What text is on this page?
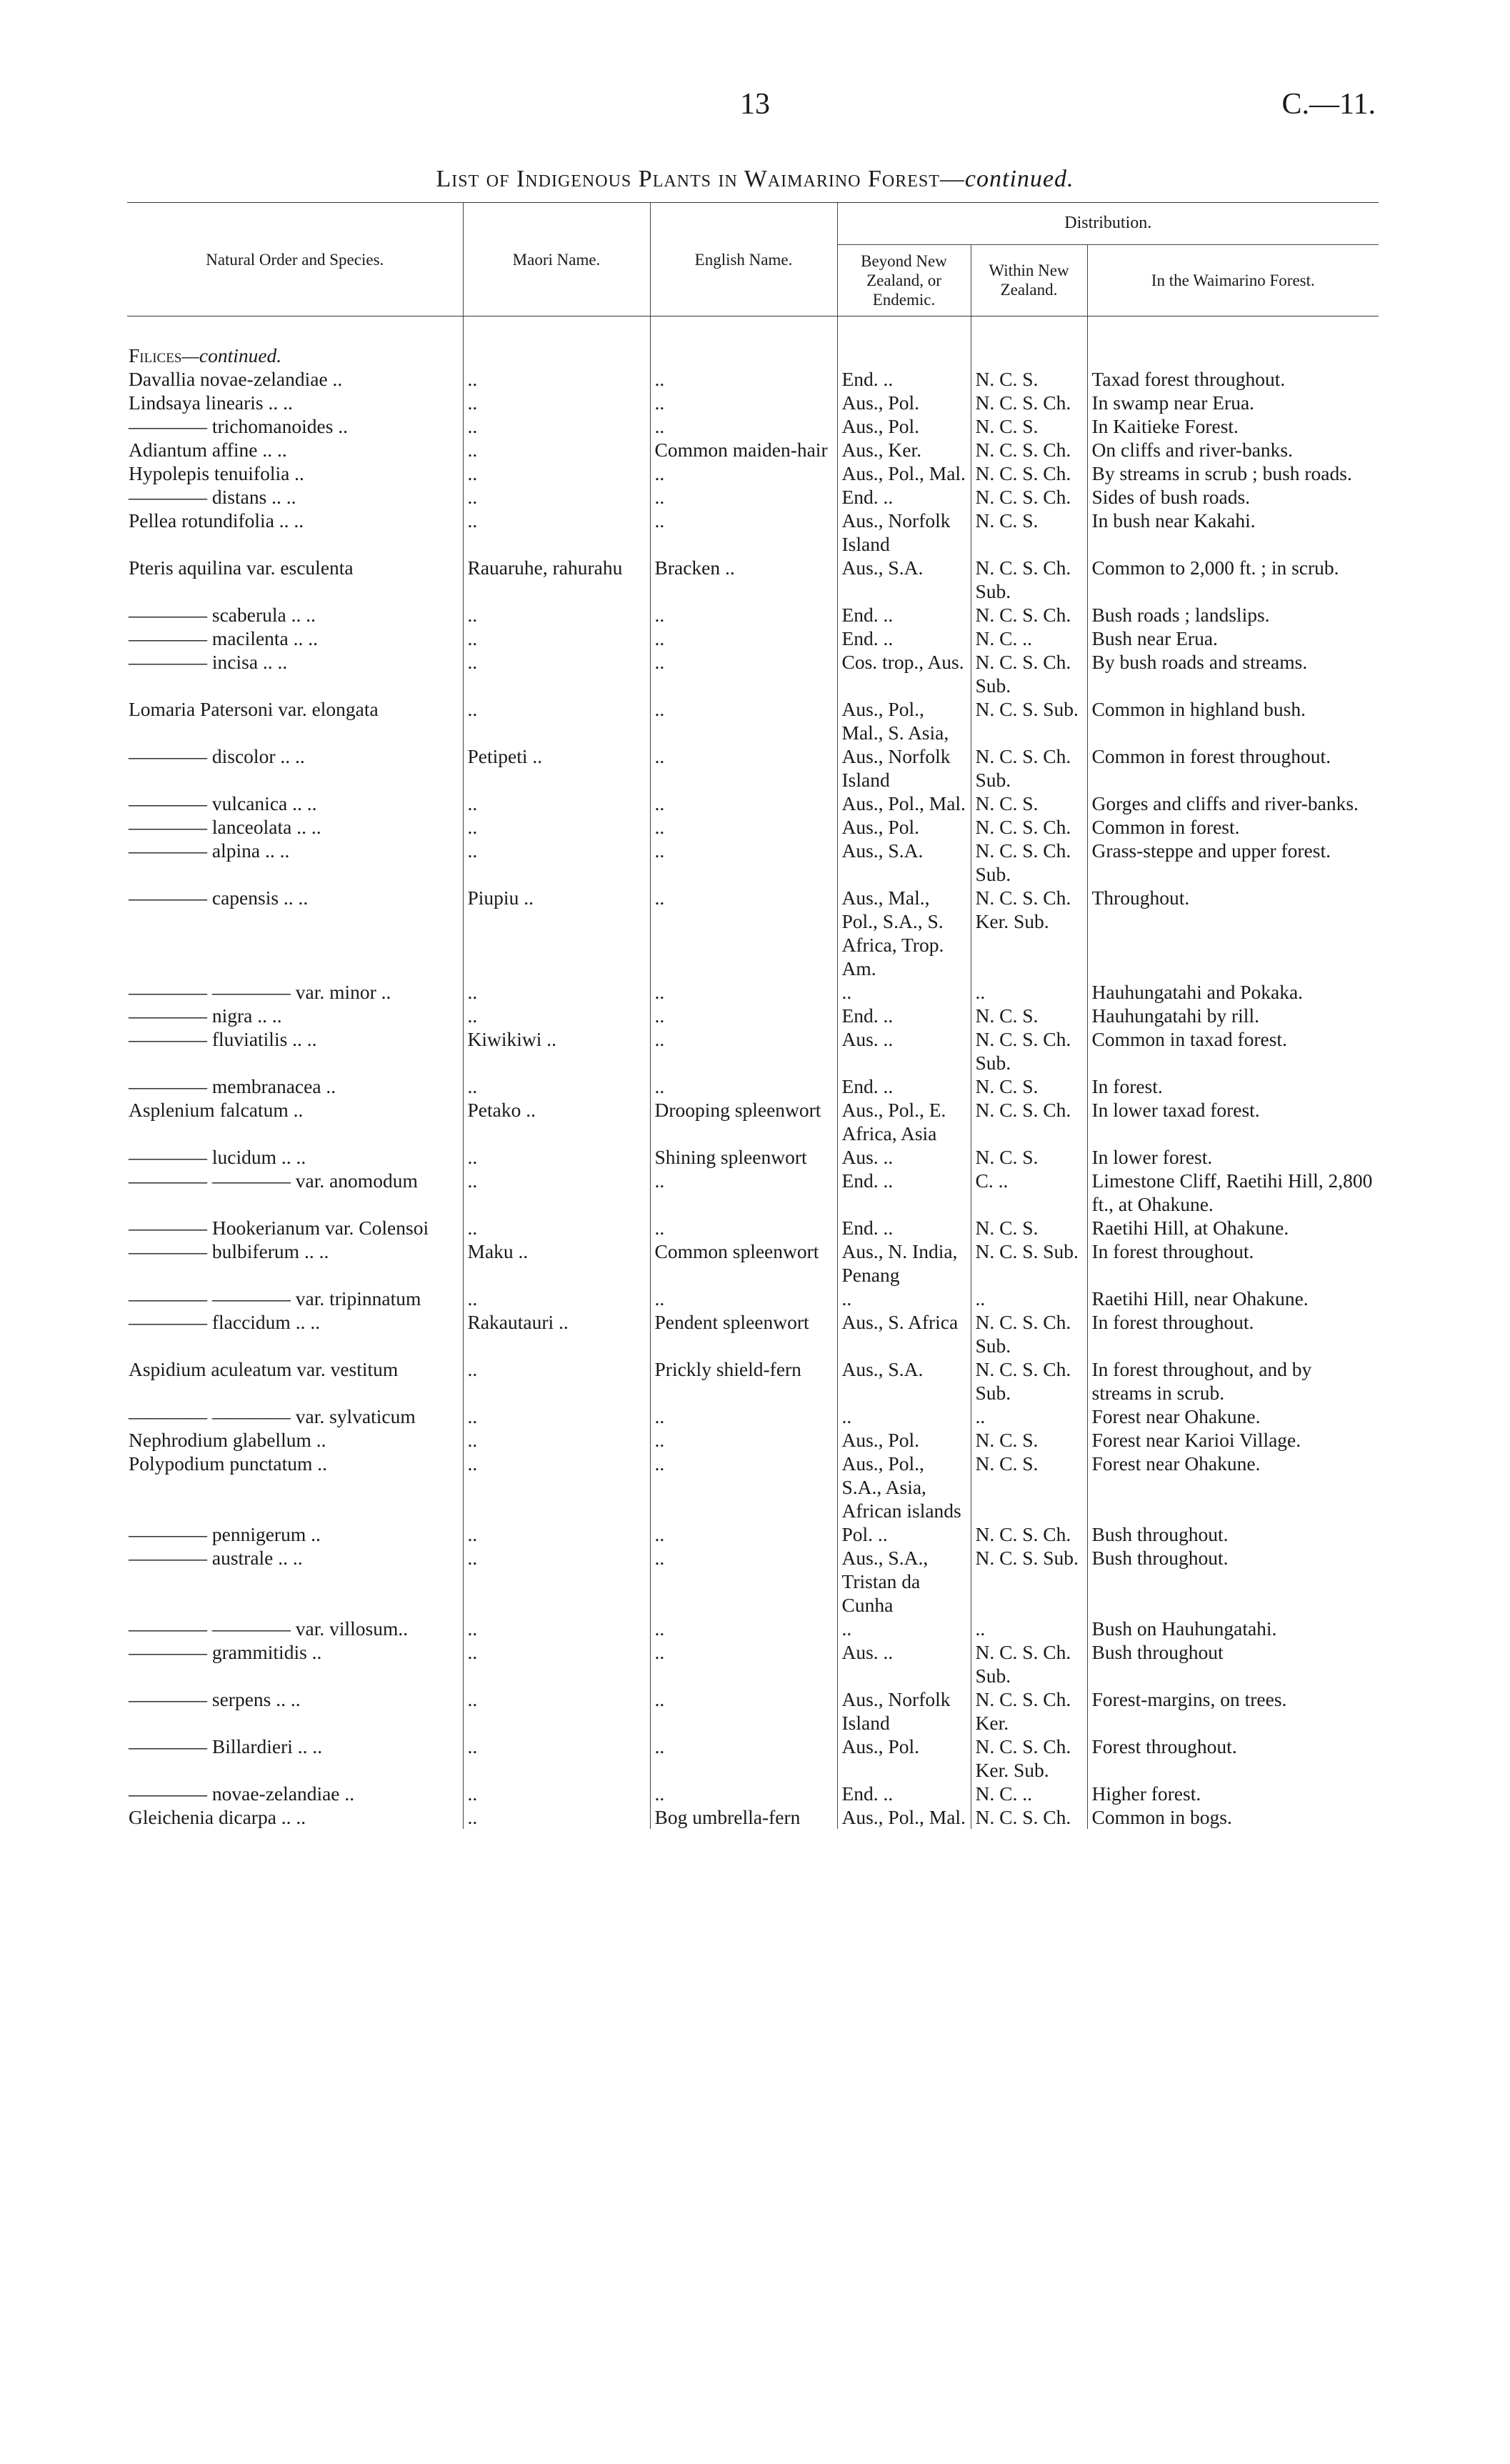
13	C.—11.
List of Indigenous Plants in Waimarino Forest—continued.
Natural Order and Species.	Maori Name.	English Name.	Distribution.		
			Beyond New Zealand, or Endemic.	Within New Zealand.	In the Waimarino Forest.
Filices—continued.					
Davallia novae-zelandiae ..	..	..	End. ..	N. C. S.	Taxad forest throughout.
Lindsaya linearis .. ..	..	..	Aus., Pol.	N. C. S. Ch.	In swamp near Erua.
———— trichomanoides ..	..	..	Aus., Pol.	N. C. S.	In Kaitieke Forest.
Adiantum affine .. ..	..	Common maiden-hair	Aus., Ker.	N. C. S. Ch.	On cliffs and river-banks.
Hypolepis tenuifolia ..	..	..	Aus., Pol., Mal.	N. C. S. Ch.	By streams in scrub ; bush roads.
———— distans .. ..	..	..	End. ..	N. C. S. Ch.	Sides of bush roads.
Pellea rotundifolia .. ..	..	..	Aus., Norfolk Island	N. C. S.	In bush near Kakahi.
Pteris aquilina var. esculenta	Rauaruhe, rahurahu	Bracken ..	Aus., S.A.	N. C. S. Ch. Sub.	Common to 2,000 ft. ; in scrub.
———— scaberula .. ..	..	..	End. ..	N. C. S. Ch.	Bush roads ; landslips.
———— macilenta .. ..	..	..	End. ..	N. C. ..	Bush near Erua.
———— incisa .. ..	..	..	Cos. trop., Aus.	N. C. S. Ch. Sub.	By bush roads and streams.
Lomaria Patersoni var. elongata	..	..	Aus., Pol., Mal., S. Asia,	N. C. S. Sub.	Common in highland bush.
———— discolor .. ..	Petipeti ..	..	Aus., Norfolk Island	N. C. S. Ch. Sub.	Common in forest throughout.
———— vulcanica .. ..	..	..	Aus., Pol., Mal.	N. C. S.	Gorges and cliffs and river-banks.
———— lanceolata .. ..	..	..	Aus., Pol.	N. C. S. Ch.	Common in forest.
———— alpina .. ..	..	..	Aus., S.A.	N. C. S. Ch. Sub.	Grass-steppe and upper forest.
———— capensis .. ..	Piupiu ..	..	Aus., Mal., Pol., S.A., S. Africa, Trop. Am.	N. C. S. Ch. Ker. Sub.	Throughout.
———— var. minor ..	..	..	..	..	Hauhungatahi and Pokaka.
———— nigra .. ..	..	..	End. ..	N. C. S.	Hauhungatahi by rill.
———— fluviatilis .. ..	Kiwikiwi ..	..	Aus. ..	N. C. S. Ch. Sub.	Common in taxad forest.
———— membranacea ..	..	..	End. ..	N. C. S.	In forest.
Asplenium falcatum ..	Petako ..	Drooping spleenwort	Aus., Pol., E. Africa, Asia	N. C. S. Ch.	In lower taxad forest.
———— lucidum .. ..	..	Shining spleenwort	Aus. ..	N. C. S.	In lower forest.
———— var. anomodum	..	..	End. ..	C. ..	Limestone Cliff, Raetihi Hill, 2,800 ft., at Ohakune.
———— Hookerianum var. Colensoi	..	..	End. ..	N. C. S.	Raetihi Hill, at Ohakune.
———— bulbiferum .. ..	Maku ..	Common spleenwort	Aus., N. India, Penang	N. C. S. Sub.	In forest throughout.
———— var. tripinnatum	..	..	..	..	Raetihi Hill, near Ohakune.
———— flaccidum .. ..	Rakautauri ..	Pendent spleenwort	Aus., S. Africa	N. C. S. Ch. Sub.	In forest throughout.
Aspidium aculeatum var. vestitum	..	Prickly shield-fern	Aus., S.A.	N. C. S. Ch. Sub.	In forest throughout, and by streams in scrub.
———— var. sylvaticum	..	..	..	..	Forest near Ohakune.
Nephrodium glabellum ..	..	..	Aus., Pol.	N. C. S.	Forest near Karioi Village.
Polypodium punctatum ..	..	..	Aus., Pol., S.A., Asia, African islands	N. C. S.	Forest near Ohakune.
———— pennigerum ..	..	..	Pol. ..	N. C. S. Ch.	Bush throughout.
———— australe .. ..	..	..	Aus., S.A., Tristan da Cunha	N. C. S. Sub.	Bush throughout.
———— var. villosum..	..	..	..	..	Bush on Hauhungatahi.
———— grammitidis ..	..	..	Aus. ..	N. C. S. Ch. Sub.	Bush throughout
———— serpens .. ..	..	..	Aus., Norfolk Island	N. C. S. Ch. Ker.	Forest-margins, on trees.
———— Billardieri .. ..	..	..	Aus., Pol.	N. C. S. Ch. Ker. Sub.	Forest throughout.
———— novae-zelandiae ..	..	..	End. ..	N. C. ..	Higher forest.
Gleichenia dicarpa .. ..	..	Bog umbrella-fern	Aus., Pol., Mal.	N. C. S. Ch.	Common in bogs.
